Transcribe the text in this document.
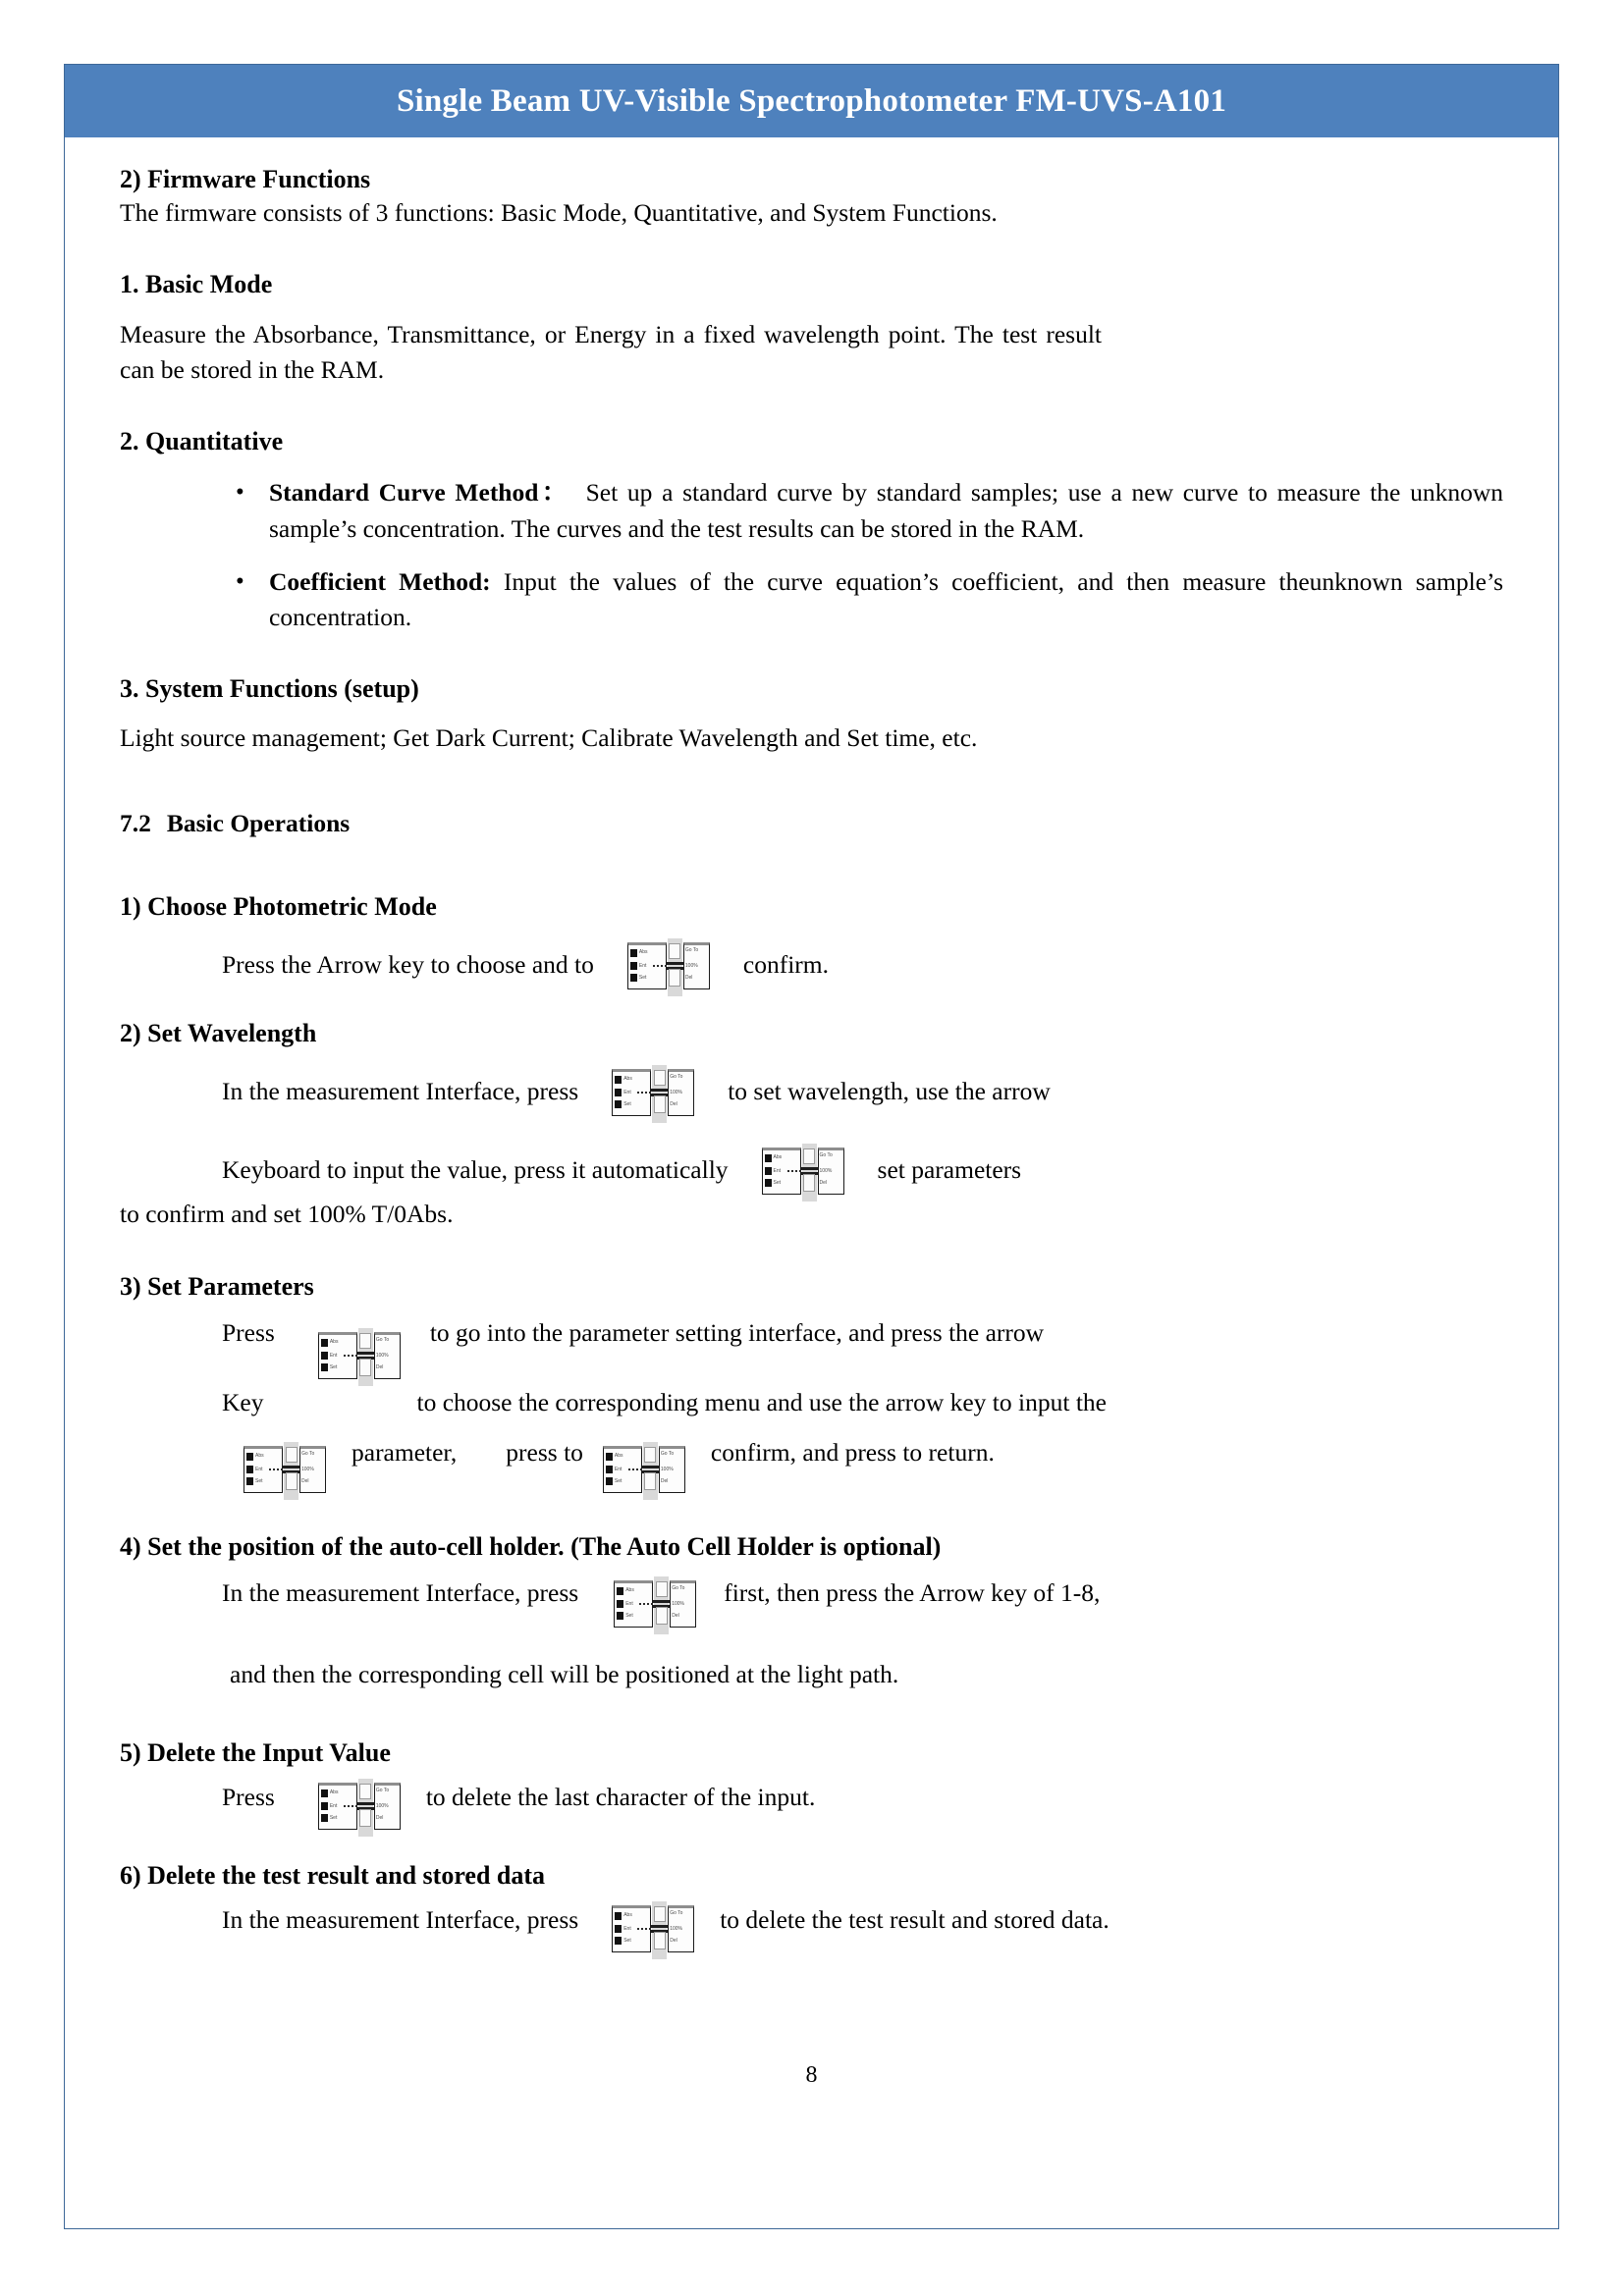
Single Beam UV-Visible Spectrophotometer FM-UVS-A101
2) Firmware Functions
The firmware consists of 3 functions: Basic Mode, Quantitative, and System Functions.
1. Basic Mode
Measure the Absorbance, Transmittance, or Energy in a fixed wavelength point. The test result can be stored in the RAM.
2. Quantitative
• Standard Curve Method： Set up a standard curve by standard samples; use a new curve to measure the unknown sample’s concentration. The curves and the test results can be stored in the RAM.
• Coefficient Method: Input the values of the curve equation’s coefficient, and then measure theunknown sample’s concentration.
3. System Functions (setup)
Light source management; Get Dark Current; Calibrate Wavelength and Set time, etc.
7.2 Basic Operations
1) Choose Photometric Mode
Press the Arrow key to choose and to	Abs
Ent
Set
Go To
100%
Del confirm.
2) Set Wavelength
In the measurement Interface, press	Abs
Ent
Set
Go To
100%
Del to set wavelength, use the arrow
Keyboard to input the value, press it automatically	Abs
Ent
Set
Go To
100%
Del set parameters
to confirm and set 100% T/0Abs.
3) Set Parameters
Press	Abs
Ent
Set
Go To
100%
Del
to go into the parameter setting interface, and press the arrow
Key	to choose the corresponding menu and use the arrow key to input the
Abs
Ent
Set
Go To
100%
Del
parameter, press to	Abs
Ent
Set
Go To
100%
Del
confirm, and press to return.
4) Set the position of the auto-cell holder. (The Auto Cell Holder is optional)
In the measurement Interface, press	Abs
Ent
Set
Go To
100%
Del
first, then press the Arrow key of 1-8,
and then the corresponding cell will be positioned at the light path.
5) Delete the Input Value
Press	Abs
Ent
Set
Go To
100%
Del
to delete the last character of the input.
6) Delete the test result and stored data
In the measurement Interface, press	Abs
Ent
Set
Go To
100%
Del
to delete the test result and stored data.
8
